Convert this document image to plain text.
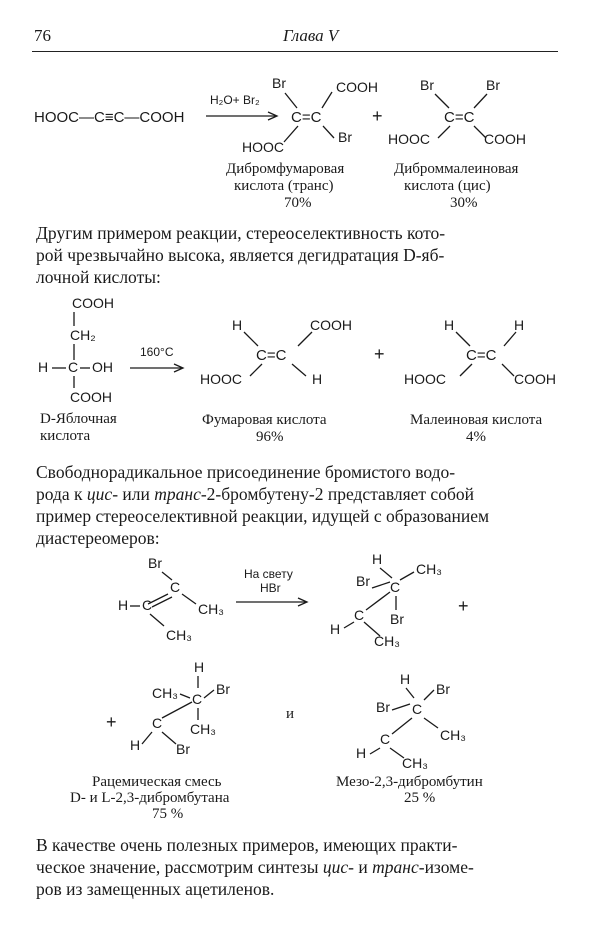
76	Глава V
HOOC—C≡C—COOH
H₂O+ Br₂
Br	COOH
C=C
HOOC
Br
Дибромфумаровая
кислота (транс)
70%
+
Br	Br
C=C
HOOC	COOH
Диброммалеиновая
кислота (цис)
30%
Другим примером реакции, стереоселективность кото-
рой чрезвычайно высока, является дегидратация D-яб-
лочной кислоты:
COOH
CH₂
H C OH
COOH
D-Яблочная
кислота
160°C
H	COOH
C=C
HOOC	H
Фумаровая кислота
96%
+
H	H
C=C
HOOC	COOH
Малеиновая кислота
4%
Свободнорадикальное присоединение бромистого водо-
рода к цис- или транс-2-бромбутену-2 представляет собой
пример стереоселективной реакции, идущей с образованием
диастереомеров:
Br
C
CH₃
H C
CH₃
На свету
HBr
H
CH₃
Br C
Br
C
H
CH₃
+
+
H
CH₃ C
Br
CH₃
C
H	Br
и
H
Br
Br C
CH₃
C
H
CH₃
Рацемическая смесь
D- и L-2,3-дибромбутана
75 %
Мезо-2,3-дибромбутин
25 %
В качестве очень полезных примеров, имеющих практи-
ческое значение, рассмотрим синтезы цис- и транс-изоме-
ров из замещенных ацетиленов.
